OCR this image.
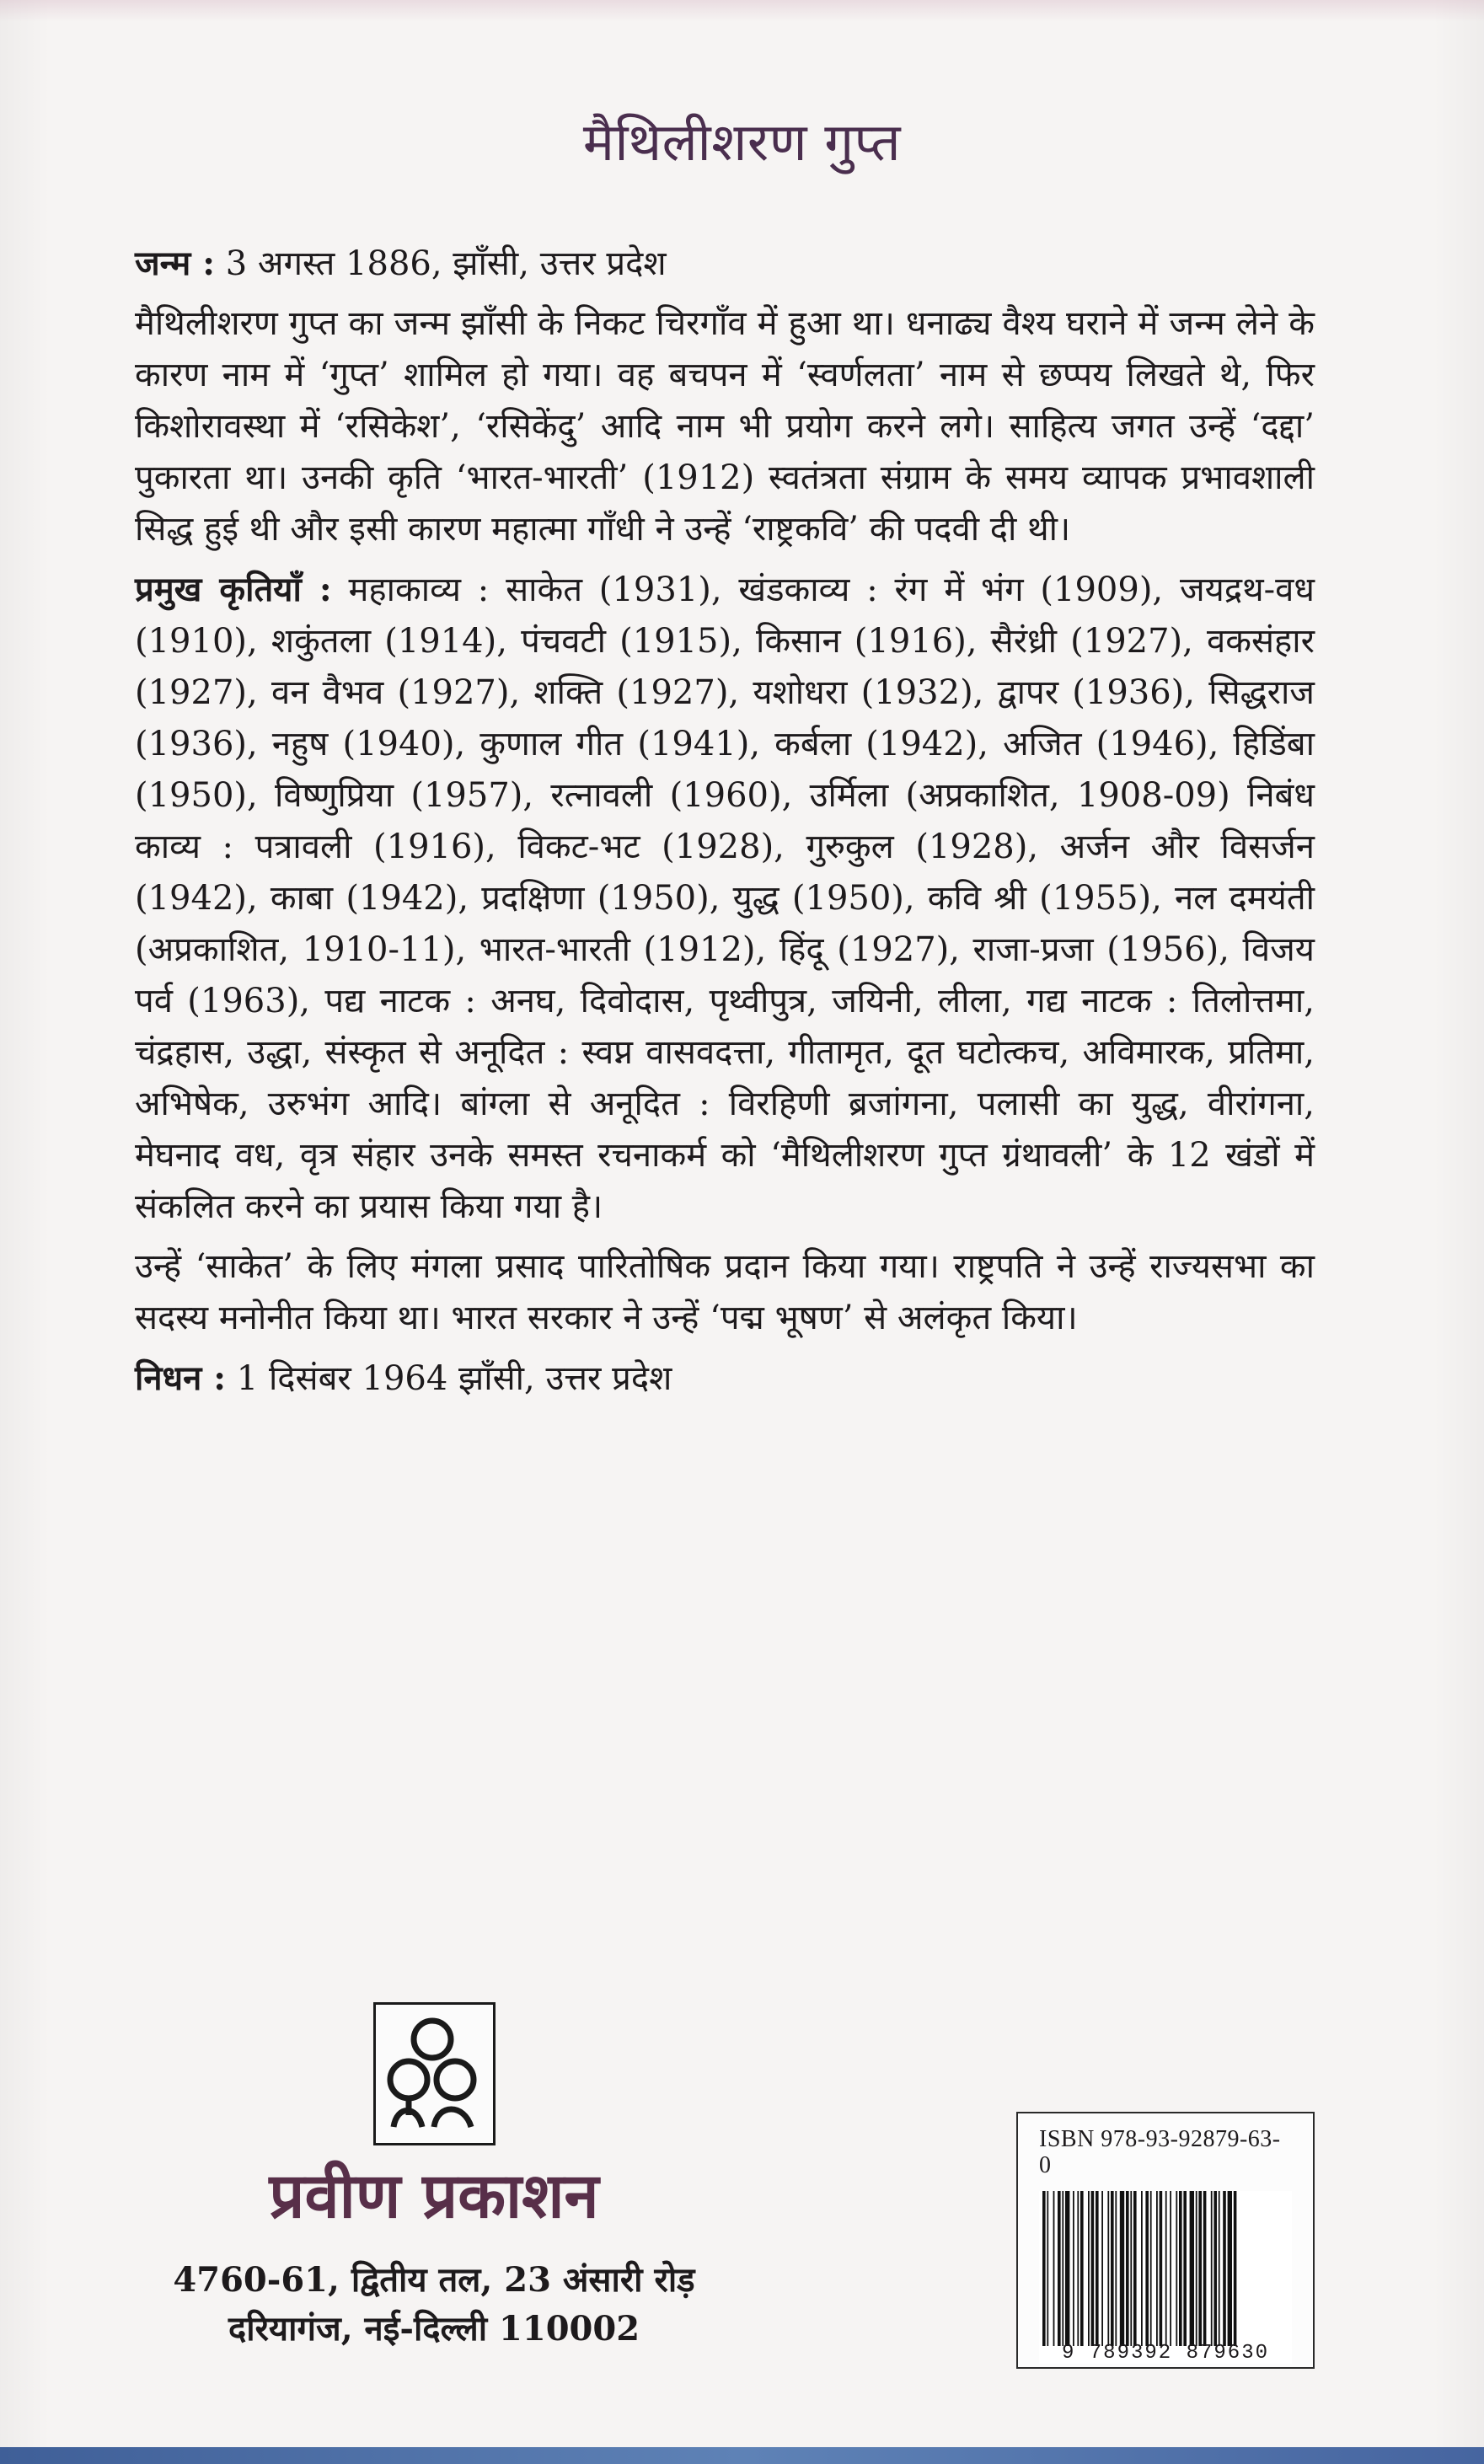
मैथिलीशरण गुप्त

जन्म : 3 अगस्त 1886, झाँसी, उत्तर प्रदेश

मैथिलीशरण गुप्त का जन्म झाँसी के निकट चिरगाँव में हुआ था। धनाढ्य वैश्य घराने में जन्म लेने के कारण नाम में ‘गुप्त’ शामिल हो गया। वह बचपन में ‘स्वर्णलता’ नाम से छप्पय लिखते थे, फिर किशोरावस्था में ‘रसिकेश’, ‘रसिकेंदु’ आदि नाम भी प्रयोग करने लगे। साहित्य जगत उन्हें ‘दद्दा’ पुकारता था। उनकी कृति ‘भारत-भारती’ (1912) स्वतंत्रता संग्राम के समय व्यापक प्रभावशाली सिद्ध हुई थी और इसी कारण महात्मा गाँधी ने उन्हें ‘राष्ट्रकवि’ की पदवी दी थी।

प्रमुख कृतियाँ : महाकाव्य : साकेत (1931), खंडकाव्य : रंग में भंग (1909), जयद्रथ-वध (1910), शकुंतला (1914), पंचवटी (1915), किसान (1916), सैरंध्री (1927), वकसंहार (1927), वन वैभव (1927), शक्ति (1927), यशोधरा (1932), द्वापर (1936), सिद्धराज (1936), नहुष (1940), कुणाल गीत (1941), कर्बला (1942), अजित (1946), हिडिंबा (1950), विष्णुप्रिया (1957), रत्नावली (1960), उर्मिला (अप्रकाशित, 1908-09) निबंध काव्य : पत्रावली (1916), विकट-भट (1928), गुरुकुल (1928), अर्जन और विसर्जन (1942), काबा (1942), प्रदक्षिणा (1950), युद्ध (1950), कवि श्री (1955), नल दमयंती (अप्रकाशित, 1910-11), भारत-भारती (1912), हिंदू (1927), राजा-प्रजा (1956), विजय पर्व (1963), पद्य नाटक : अनघ, दिवोदास, पृथ्वीपुत्र, जयिनी, लीला, गद्य नाटक : तिलोत्तमा, चंद्रहास, उद्धा, संस्कृत से अनूदित : स्वप्न वासवदत्ता, गीतामृत, दूत घटोत्कच, अविमारक, प्रतिमा, अभिषेक, उरुभंग आदि। बांग्ला से अनूदित : विरहिणी ब्रजांगना, पलासी का युद्ध, वीरांगना, मेघनाद वध, वृत्र संहार उनके समस्त रचनाकर्म को ‘मैथिलीशरण गुप्त ग्रंथावली’ के 12 खंडों में संकलित करने का प्रयास किया गया है।

उन्हें ‘साकेत’ के लिए मंगला प्रसाद पारितोषिक प्रदान किया गया। राष्ट्रपति ने उन्हें राज्यसभा का सदस्य मनोनीत किया था। भारत सरकार ने उन्हें ‘पद्म भूषण’ से अलंकृत किया।

निधन : 1 दिसंबर 1964 झाँसी, उत्तर प्रदेश

प्रवीण प्रकाशन
4760-61, द्वितीय तल, 23 अंसारी रोड़
दरियागंज, नई-दिल्ली 110002
ISBN 978-93-92879-63-0
9 789392 879630
